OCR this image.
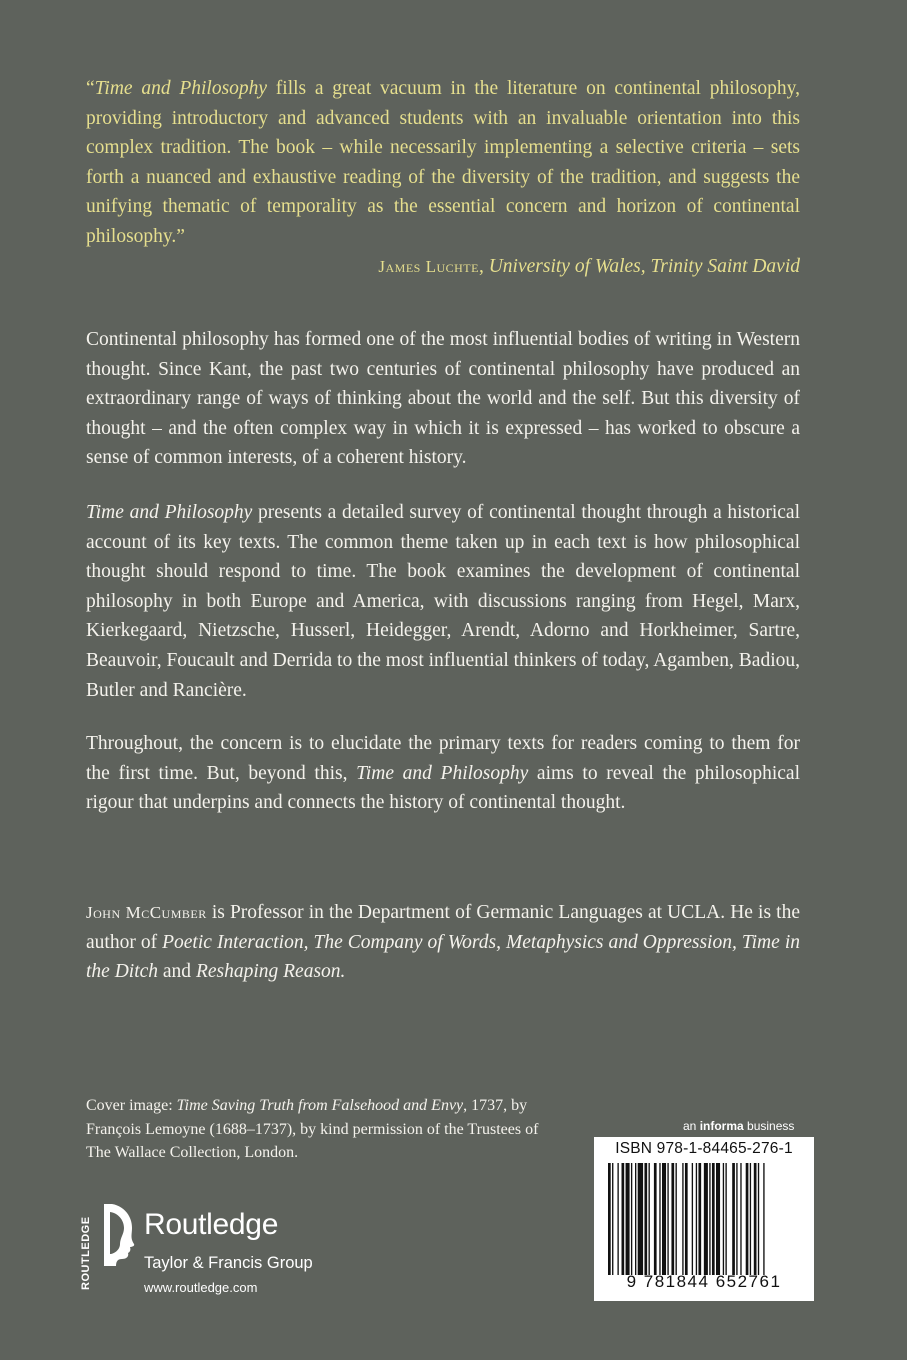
“Time and Philosophy fills a great vacuum in the literature on continental philosophy, providing introductory and advanced students with an invaluable orientation into this complex tradition. The book – while necessarily implementing a selective criteria – sets forth a nuanced and exhaustive reading of the diversity of the tradition, and suggests the unifying thematic of temporality as the essential concern and horizon of continental philosophy.”
James Luchte, University of Wales, Trinity Saint David
Continental philosophy has formed one of the most influential bodies of writing in Western thought. Since Kant, the past two centuries of continental philosophy have produced an extraordinary range of ways of thinking about the world and the self. But this diversity of thought – and the often complex way in which it is expressed – has worked to obscure a sense of common interests, of a coherent history.
Time and Philosophy presents a detailed survey of continental thought through a historical account of its key texts. The common theme taken up in each text is how philosophical thought should respond to time. The book examines the development of continental philosophy in both Europe and America, with discussions ranging from Hegel, Marx, Kierkegaard, Nietzsche, Husserl, Heidegger, Arendt, Adorno and Horkheimer, Sartre, Beauvoir, Foucault and Derrida to the most influential thinkers of today, Agamben, Badiou, Butler and Rancière.
Throughout, the concern is to elucidate the primary texts for readers coming to them for the first time. But, beyond this, Time and Philosophy aims to reveal the philosophical rigour that underpins and connects the history of continental thought.
John McCumber is Professor in the Department of Germanic Languages at UCLA. He is the author of Poetic Interaction, The Company of Words, Metaphysics and Oppression, Time in the Ditch and Reshaping Reason.
Cover image: Time Saving Truth from Falsehood and Envy, 1737, by François Lemoyne (1688–1737), by kind permission of the Trustees of The Wallace Collection, London.
ROUTLEDGE Routledge
Taylor & Francis Group
www.routledge.com
an informa business
ISBN 978-1-84465-276-1
9 781844 652761
